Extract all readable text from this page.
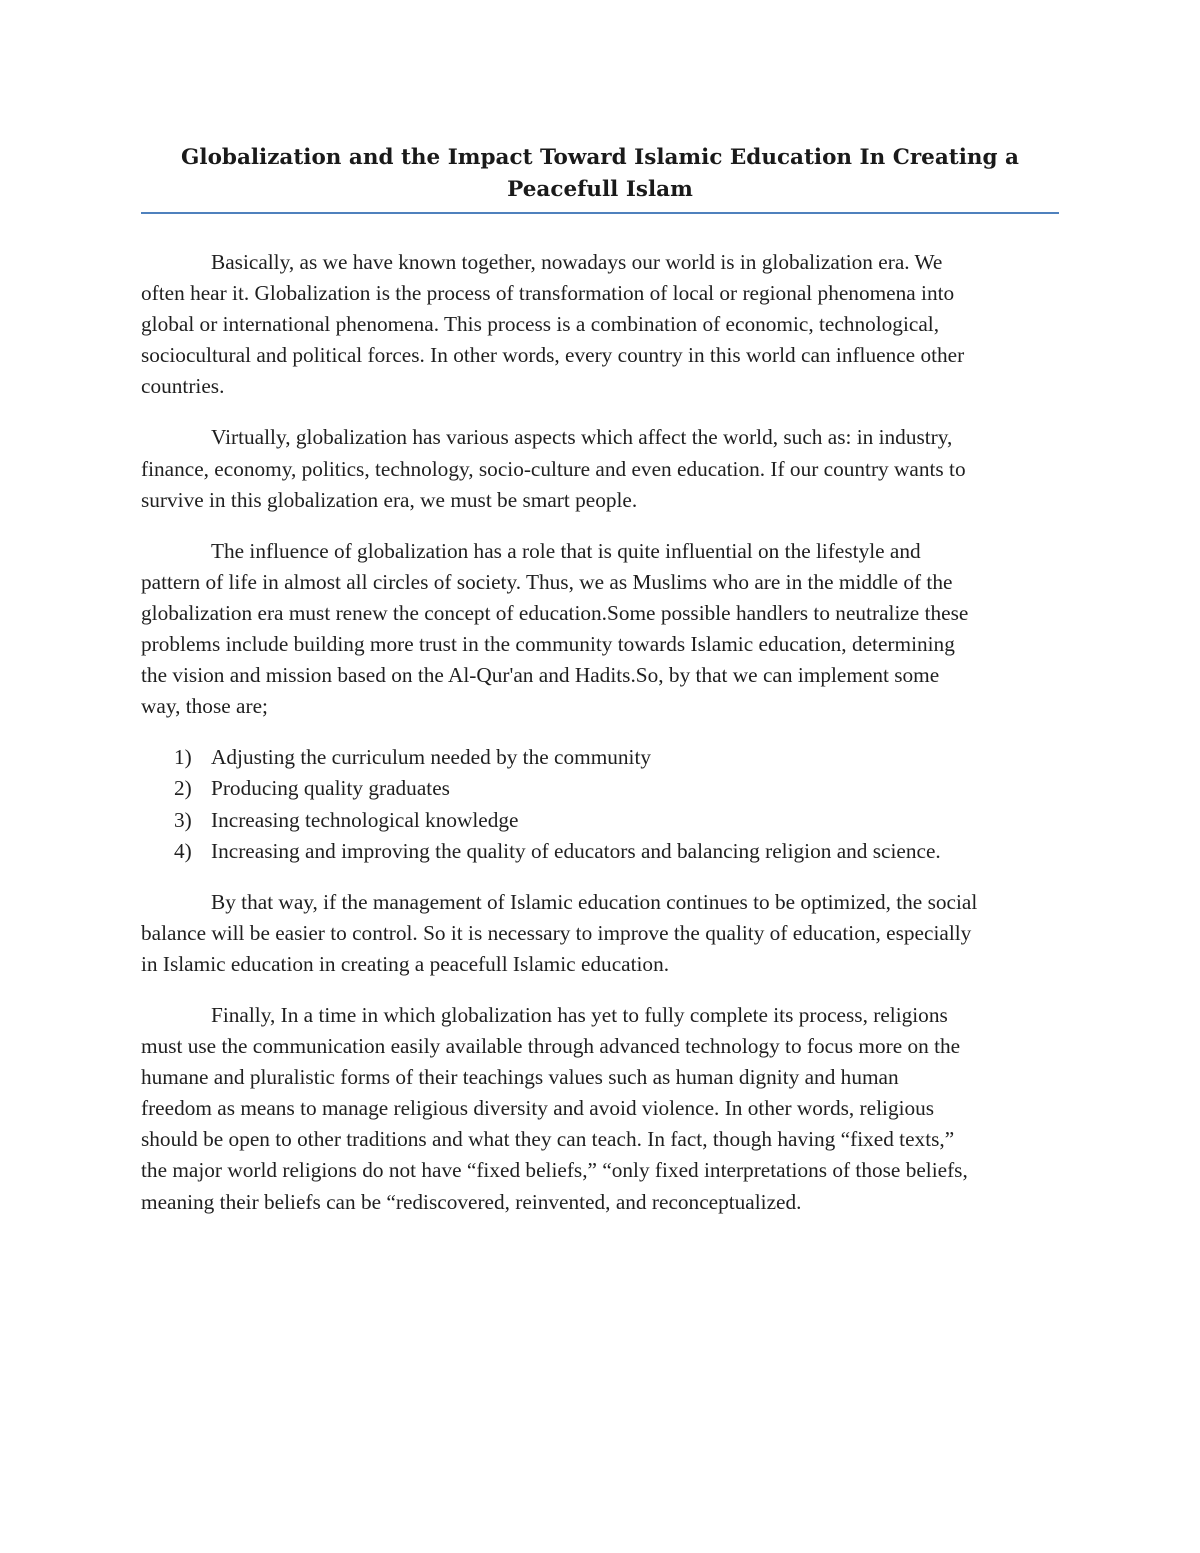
Globalization and the Impact Toward Islamic Education In Creating a
Peacefull Islam

Basically, as we have known together, nowadays our world is in globalization era. We
often hear it. Globalization is the process of transformation of local or regional phenomena into
global or international phenomena. This process is a combination of economic, technological,
sociocultural and political forces. In other words, every country in this world can influence other
countries.

Virtually, globalization has various aspects which affect the world, such as: in industry,
finance, economy, politics, technology, socio-culture and even education. If our country wants to
survive in this globalization era, we must be smart people.

The influence of globalization has a role that is quite influential on the lifestyle and
pattern of life in almost all circles of society. Thus, we as Muslims who are in the middle of the
globalization era must renew the concept of education.Some possible handlers to neutralize these
problems include building more trust in the community towards Islamic education, determining
the vision and mission based on the Al-Qur'an and Hadits.So, by that we can implement some
way, those are;

1) Adjusting the curriculum needed by the community
2) Producing quality graduates
3) Increasing technological knowledge
4) Increasing and improving the quality of educators and balancing religion and science.

By that way, if the management of Islamic education continues to be optimized, the social
balance will be easier to control. So it is necessary to improve the quality of education, especially
in Islamic education in creating a peacefull Islamic education.

Finally, In a time in which globalization has yet to fully complete its process, religions
must use the communication easily available through advanced technology to focus more on the
humane and pluralistic forms of their teachings values such as human dignity and human
freedom as means to manage religious diversity and avoid violence. In other words, religious
should be open to other traditions and what they can teach. In fact, though having “fixed texts,”
the major world religions do not have “fixed beliefs,” “only fixed interpretations of those beliefs,
meaning their beliefs can be “rediscovered, reinvented, and reconceptualized.
